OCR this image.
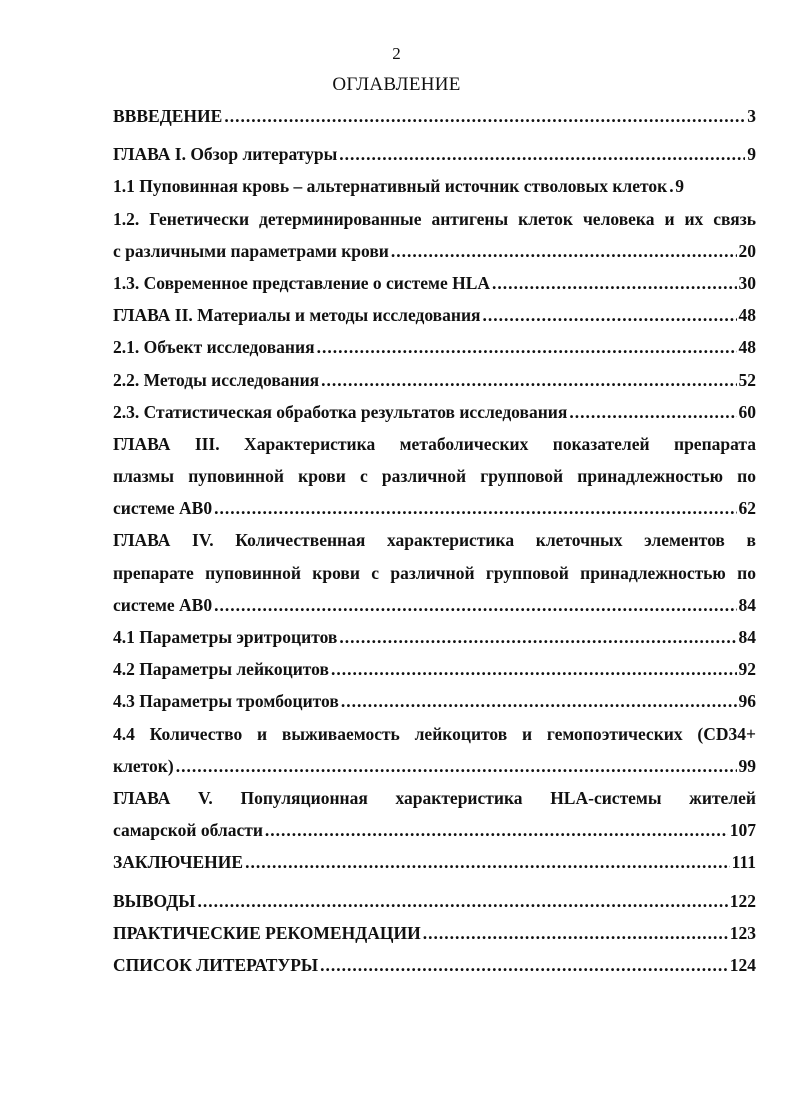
2
ОГЛАВЛЕНИЕ
ВВВЕДЕНИЕ .....	3
ГЛАВА I. Обзор литературы .....	9
1.1 Пуповинная кровь – альтернативный источник стволовых клеток ..... 9
1.2. Генетически детерминированные антигены клеток человека и их связь
с различными параметрами крови .....	20
1.3. Современное представление о системе HLA .....	30
ГЛАВА II. Материалы и методы исследования .....	48
2.1. Объект исследования .....	48
2.2. Методы исследования .....	52
2.3. Статистическая обработка результатов исследования .....	60
ГЛАВА III. Характеристика метаболических показателей препарата
плазмы пуповинной крови с различной групповой принадлежностью по
системе АВ0 .....	62
ГЛАВА IV. Количественная характеристика клеточных элементов в
препарате пуповинной крови с различной групповой принадлежностью по
системе АВ0 .....	84
4.1 Параметры эритроцитов .....	84
4.2 Параметры лейкоцитов .....	92
4.3 Параметры тромбоцитов .....	96
4.4 Количество и выживаемость лейкоцитов и гемопоэтических (CD34+
клеток) .....	99
ГЛАВА V. Популяционная характеристика HLA-системы жителей
самарской области .....	107
ЗАКЛЮЧЕНИЕ .....	111
ВЫВОДЫ .....	122
ПРАКТИЧЕСКИЕ РЕКОМЕНДАЦИИ .....	123
СПИСОК ЛИТЕРАТУРЫ .....	124
